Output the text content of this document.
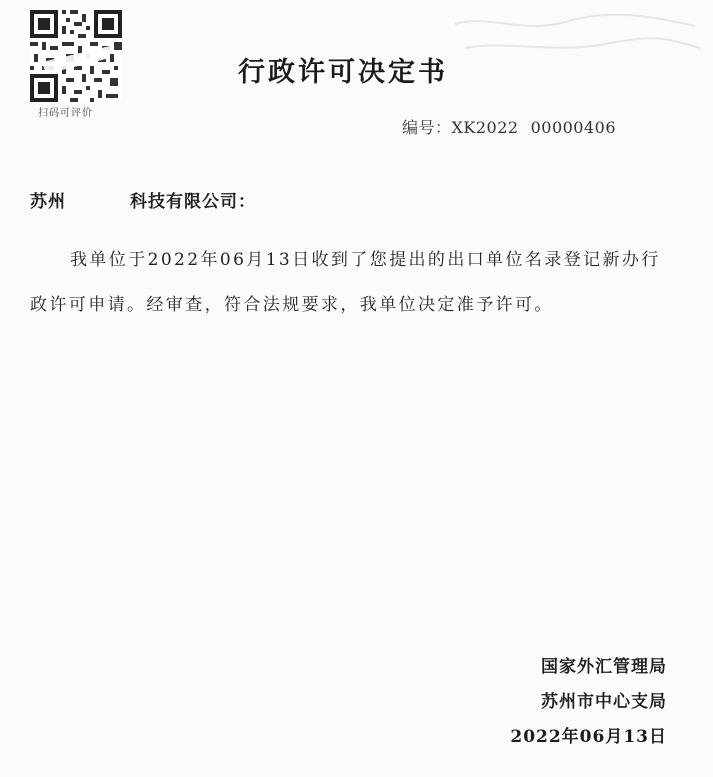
扫码可评价
行政许可决定书
编号：XK2022 00000406
苏州	科技有限公司：
我单位于2022年06月13日收到了您提出的出口单位名录登记新办行政许可申请。经审查，符合法规要求，我单位决定准予许可。
国家外汇管理局
苏州市中心支局
2022年06月13日
